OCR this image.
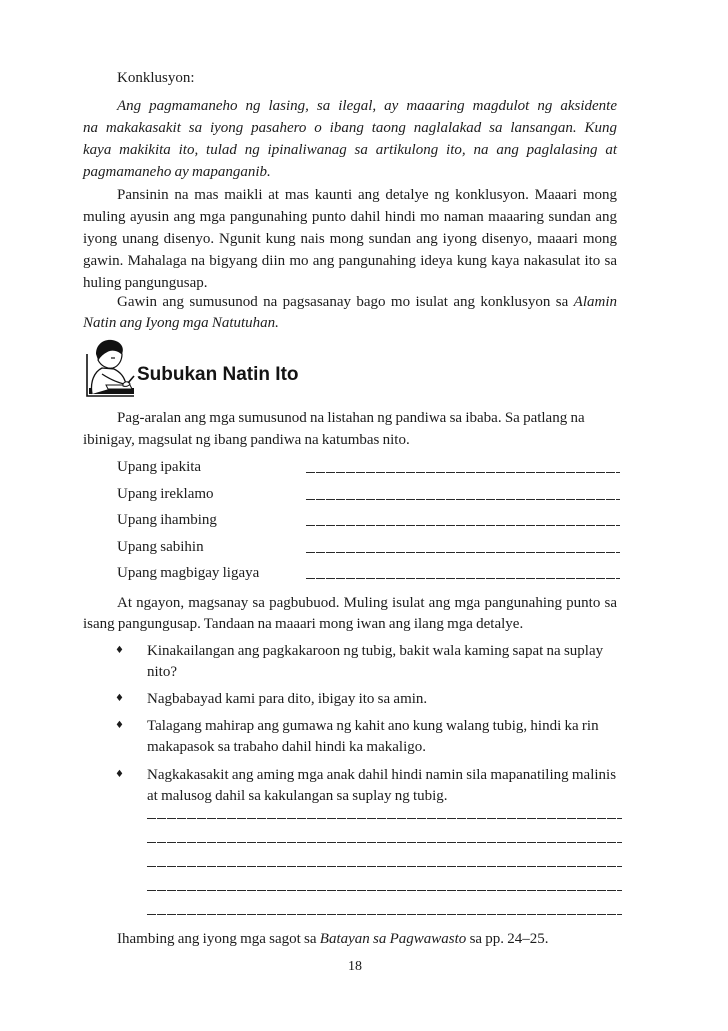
Konklusyon:
Ang pagmamaneho ng lasing, sa ilegal, ay maaaring magdulot ng aksidente
na makakasakit sa iyong pasahero o ibang taong naglalakad sa lansangan. Kung
kaya makikita ito, tulad ng ipinaliwanag sa artikulong ito, na ang paglalasing at
pagmamaneho ay mapanganib.
Pansinin na mas maikli at mas kaunti ang detalye ng konklusyon. Maaari mong
muling ayusin ang mga pangunahing punto dahil hindi mo naman maaaring sundan ang
iyong unang disenyo. Ngunit kung nais mong sundan ang iyong disenyo, maaari mong
gawin. Mahalaga na bigyang diin mo ang pangunahing ideya kung kaya nakasulat ito sa
huling pangungusap.
Gawin ang sumusunod na pagsasanay bago mo isulat ang konklusyon sa Alamin
Natin ang Iyong mga Natutuhan.
Subukan Natin Ito
Pag-aralan ang mga sumusunod na listahan ng pandiwa sa ibaba. Sa patlang na
ibinigay, magsulat ng ibang pandiwa na katumbas nito.
Upang ipakita
Upang ireklamo
Upang ihambing
Upang sabihin
Upang magbigay ligaya
At ngayon, magsanay sa pagbubuod. Muling isulat ang mga pangunahing punto sa
isang pangungusap. Tandaan na maaari mong iwan ang ilang mga detalye.
♦	Kinakailangan ang pagkakaroon ng tubig, bakit wala kaming sapat na suplay
nito?
♦	Nagbabayad kami para dito, ibigay ito sa amin.
♦	Talagang mahirap ang gumawa ng kahit ano kung walang tubig, hindi ka rin
makapasok sa trabaho dahil hindi ka makaligo.
♦	Nagkakasakit ang aming mga anak dahil hindi namin sila mapanatiling malinis
at malusog dahil sa kakulangan sa suplay ng tubig.
Ihambing ang iyong mga sagot sa Batayan sa Pagwawasto sa pp. 24–25.
18
